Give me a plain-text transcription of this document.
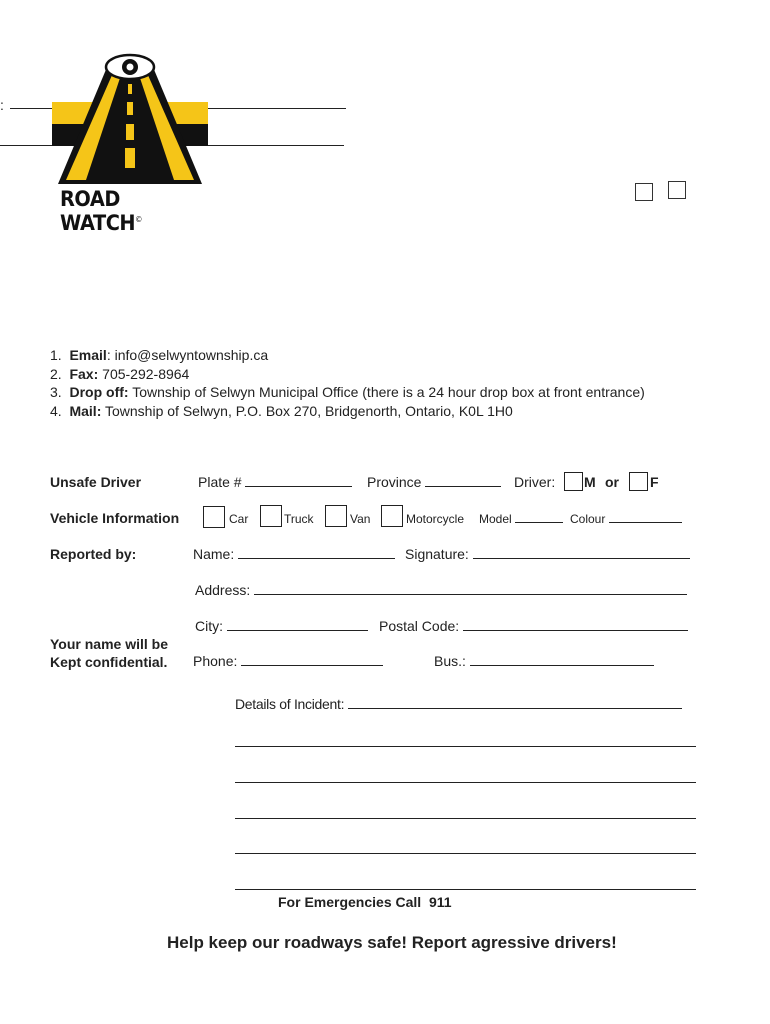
:
ROAD WATCH©
1. Email: info@selwyntownship.ca
2. Fax: 705-292-8964
3. Drop off: Township of Selwyn Municipal Office (there is a 24 hour drop box at front entrance)
4. Mail: Township of Selwyn, P.O. Box 270, Bridgenorth, Ontario, K0L 1H0
Unsafe Driver	Plate #	Province	Driver: M or F
Vehicle Information	Car	Truck	Van	Motorcycle Model	Colour
Reported by:	Name:	Signature:
Address:
City:	Postal Code:
Your name will be
Kept confidential. Phone:	Bus.:
Details of Incident:
For Emergencies Call  911
Help keep our roadways safe! Report agressive drivers!
